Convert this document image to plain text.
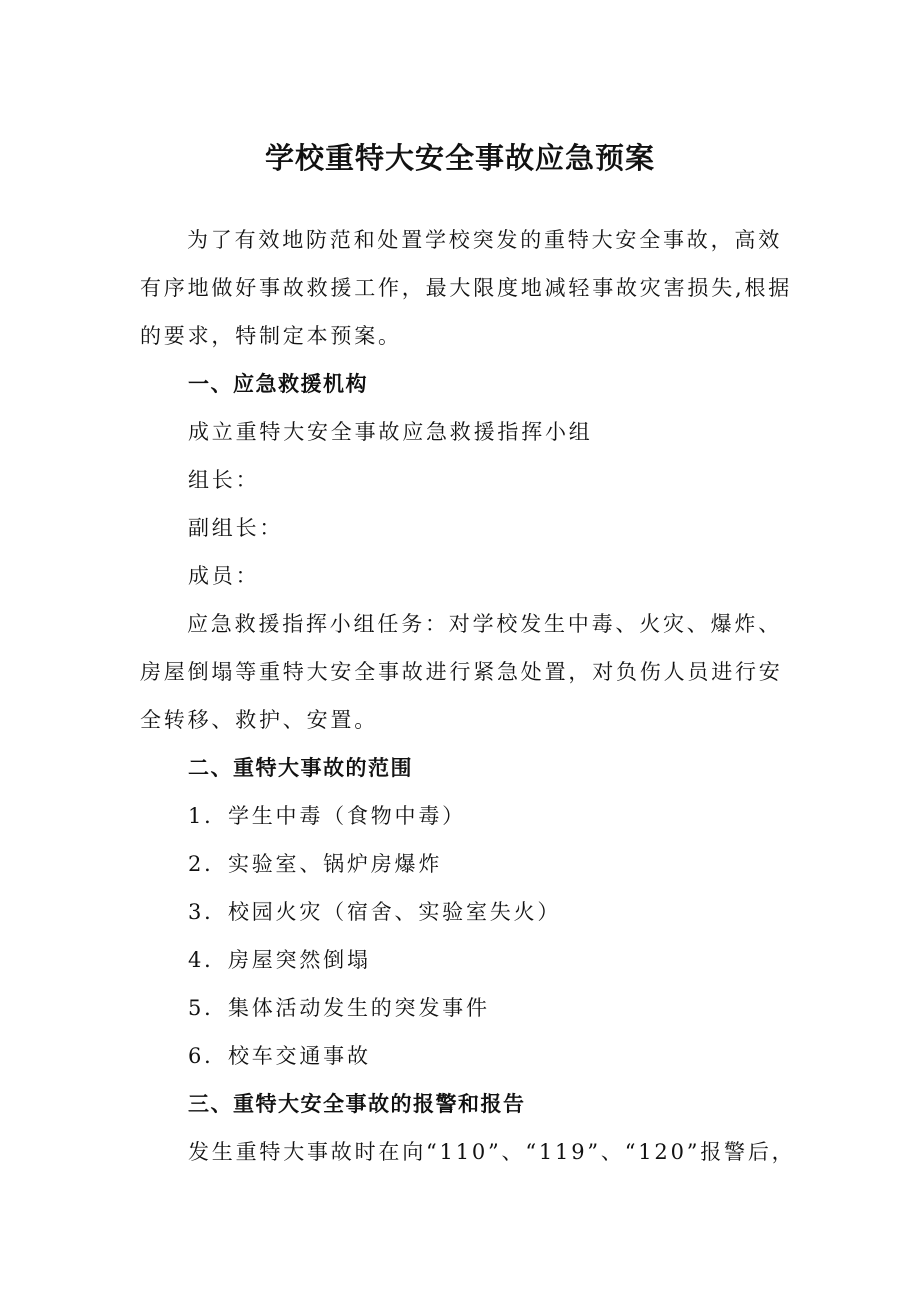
学校重特大安全事故应急预案

为了有效地防范和处置学校突发的重特大安全事故，高效有序地做好事故救援工作，最大限度地减轻事故灾害损失,根据的要求，特制定本预案。

一、应急救援机构

成立重特大安全事故应急救援指挥小组

组长：

副组长：

成员：

应急救援指挥小组任务：对学校发生中毒、火灾、爆炸、房屋倒塌等重特大安全事故进行紧急处置，对负伤人员进行安全转移、救护、安置。

二、重特大事故的范围

1．学生中毒（食物中毒）

2．实验室、锅炉房爆炸

3．校园火灾（宿舍、实验室失火）

4．房屋突然倒塌

5．集体活动发生的突发事件

6．校车交通事故

三、重特大安全事故的报警和报告

发生重特大事故时在向“110”、“119”、“120”报警后，
